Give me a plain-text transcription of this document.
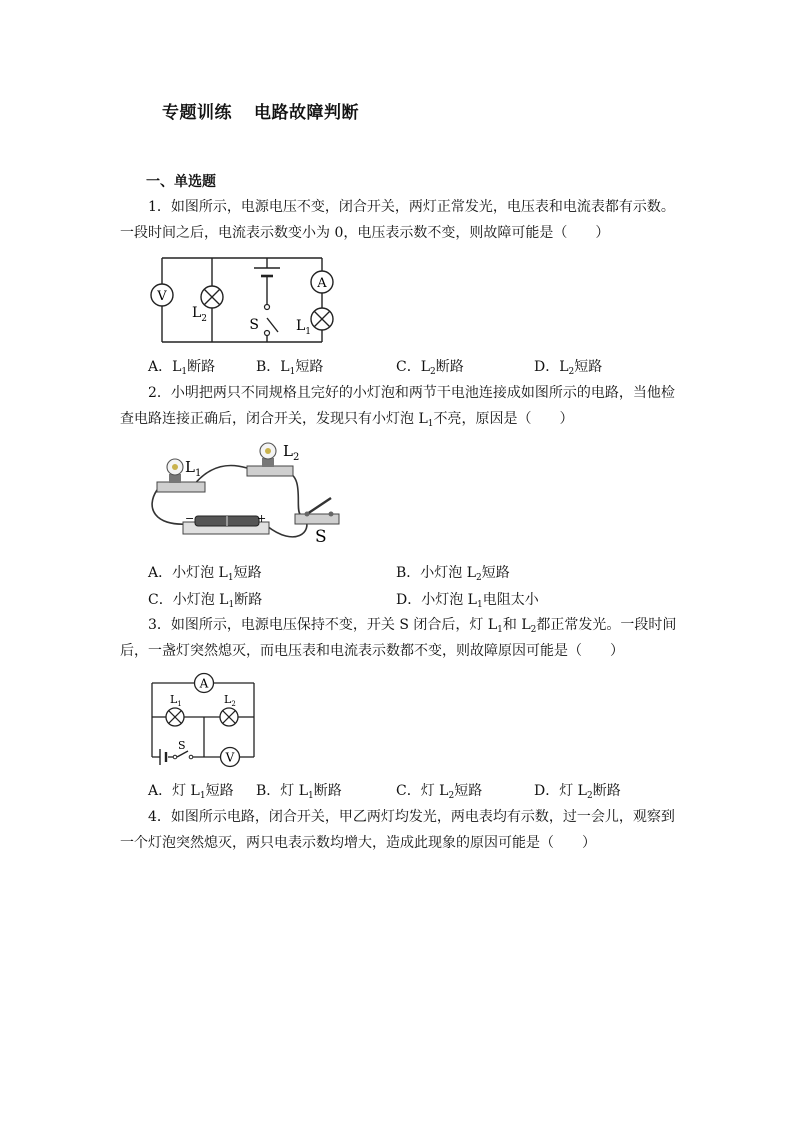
专题训练 电路故障判断
一、单选题
1．如图所示，电源电压不变，闭合开关，两灯正常发光，电压表和电流表都有示数。
一段时间之后，电流表示数变小为 0，电压表示数不变，则故障可能是（　　）
V
$L_2$	S
A
$L_1$
A．$L_1$断路	B．$L_1$短路	C．$L_2$断路	D．$L_2$短路
2．小明把两只不同规格且完好的小灯泡和两节干电池连接成如图所示的电路，当他检
查电路连接正确后，闭合开关，发现只有小灯泡 $L_1$不亮，原因是（　　）
$L_1$
$L_2$
−	+
S
A．小灯泡 $L_1$短路	B．小灯泡 $L_2$短路
C．小灯泡 $L_1$断路	D．小灯泡 $L_1$电阻太小
3．如图所示，电源电压保持不变，开关 S 闭合后，灯 $L_1$和 $L_2$都正常发光。一段时间
后，一盏灯突然熄灭，而电压表和电流表示数都不变，则故障原因可能是（　　）
S
A
$L_1$	$L_2$
V
A．灯 $L_1$短路 B．灯 $L_1$断路	C．灯 $L_2$短路	D．灯 $L_2$断路
4．如图所示电路，闭合开关，甲乙两灯均发光，两电表均有示数，过一会儿，观察到
一个灯泡突然熄灭，两只电表示数均增大，造成此现象的原因可能是（　　）
